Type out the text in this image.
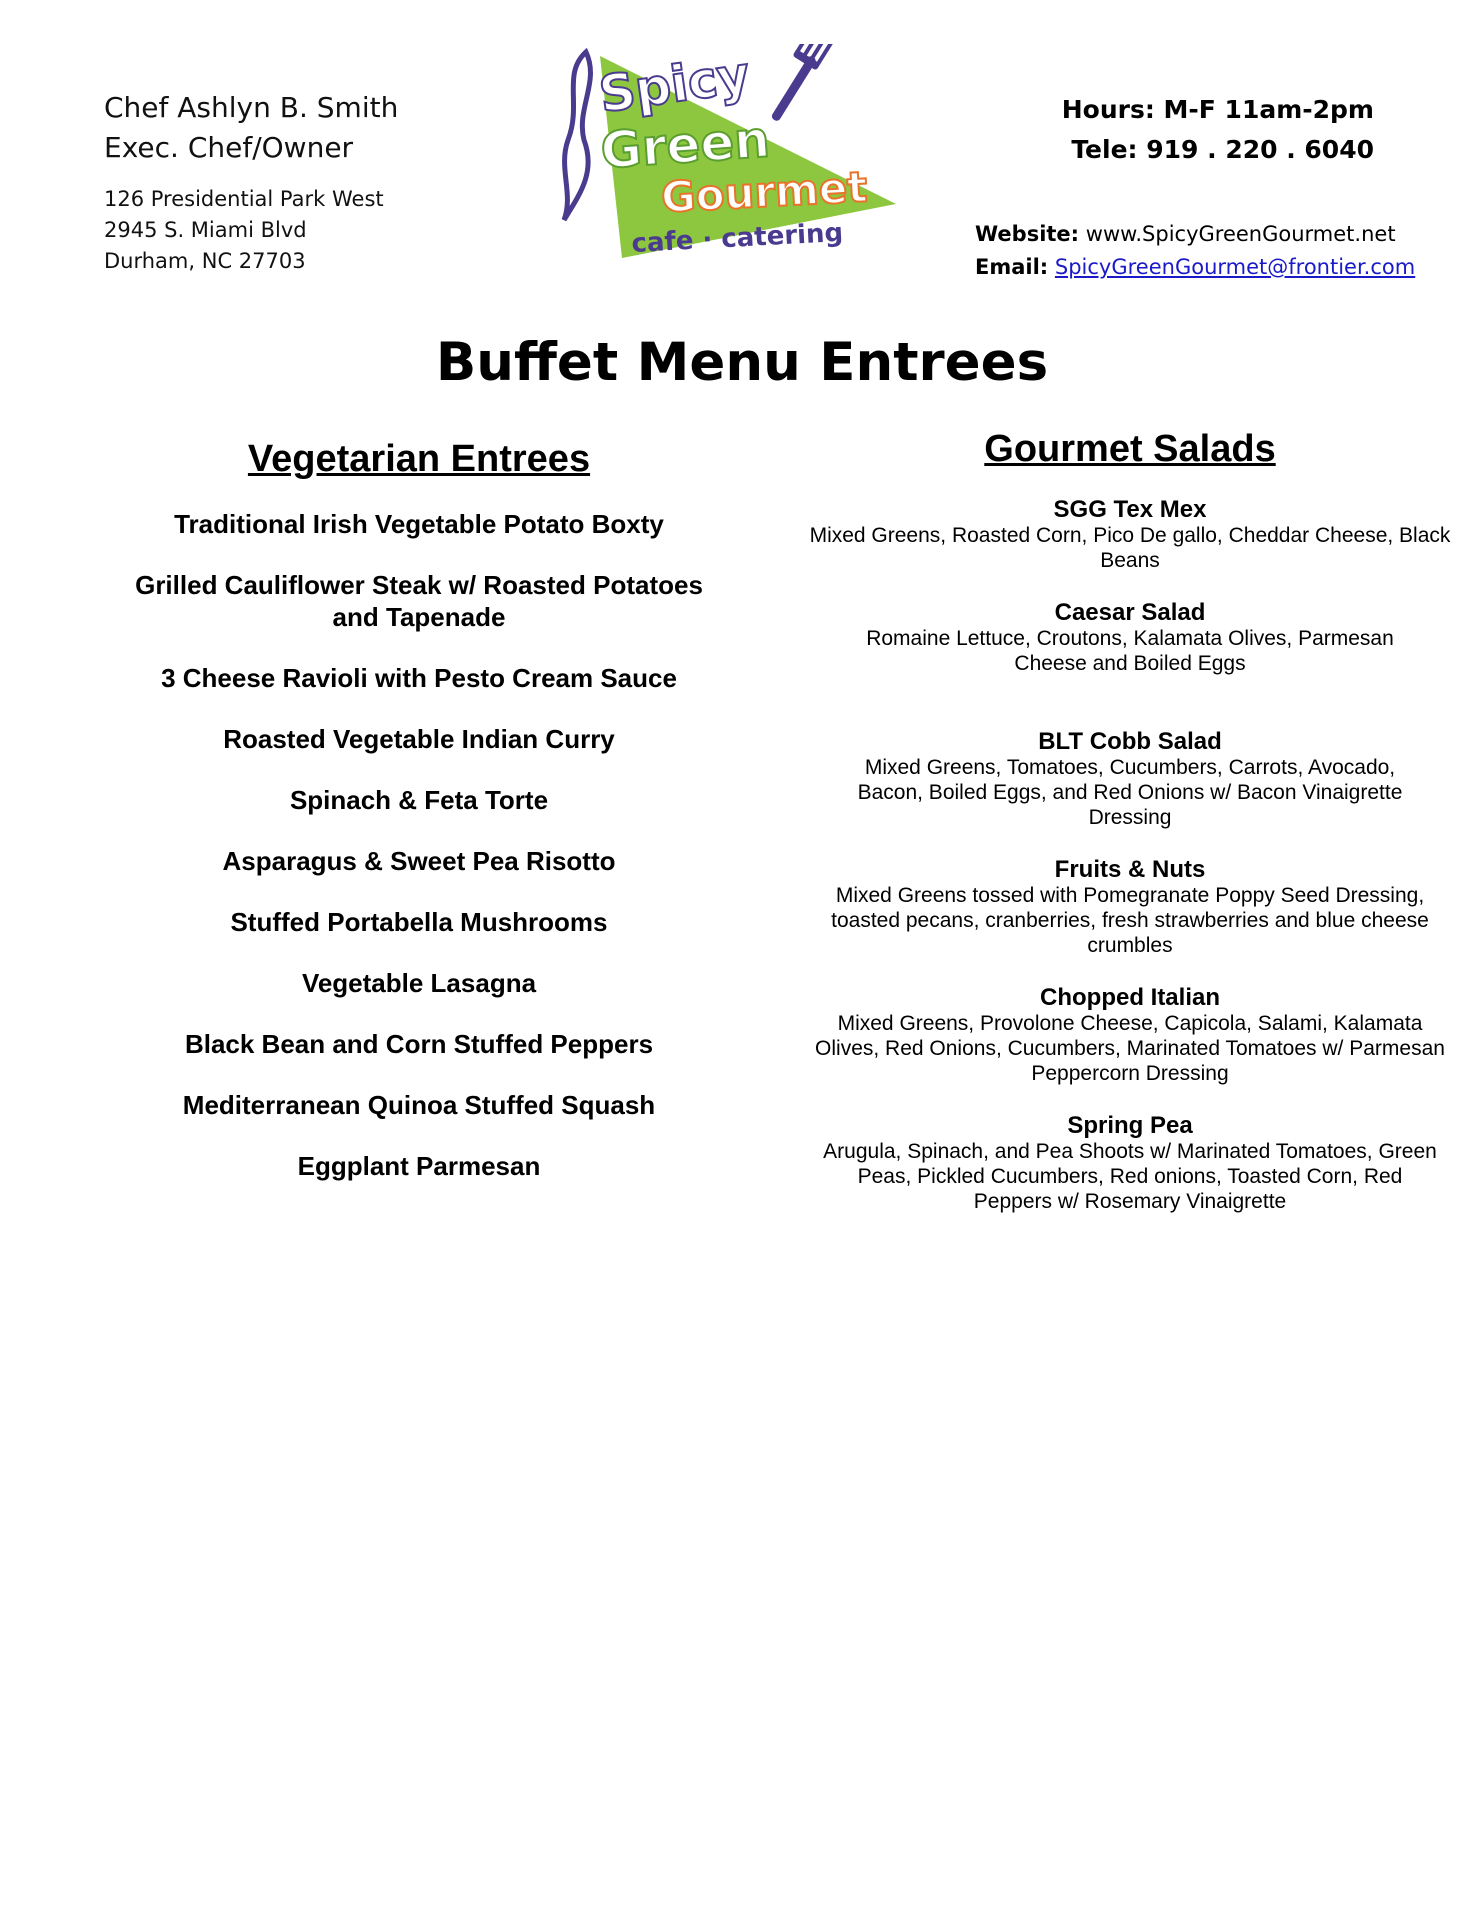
Chef Ashlyn B. Smith
Exec. Chef/Owner
126 Presidential Park West
2945 S. Miami Blvd
Durham, NC 27703
Spicy
Green
Gourmet
cafe · catering
Hours: M-F 11am-2pm
Tele: 919 . 220 . 6040
Website: www.SpicyGreenGourmet.net
Email: SpicyGreenGourmet@frontier.com
Buffet Menu Entrees
Vegetarian Entrees
Traditional Irish Vegetable Potato Boxty
Grilled Cauliflower Steak w/ Roasted Potatoes and Tapenade
3 Cheese Ravioli with Pesto Cream Sauce
Roasted Vegetable Indian Curry
Spinach & Feta Torte
Asparagus & Sweet Pea Risotto
Stuffed Portabella Mushrooms
Vegetable Lasagna
Black Bean and Corn Stuffed Peppers
Mediterranean Quinoa Stuffed Squash
Eggplant Parmesan
Gourmet Salads
SGG Tex Mex
Mixed Greens, Roasted Corn, Pico De gallo, Cheddar Cheese, Black Beans
Caesar Salad
Romaine Lettuce, Croutons, Kalamata Olives, Parmesan Cheese and Boiled Eggs
BLT Cobb Salad
Mixed Greens, Tomatoes, Cucumbers, Carrots, Avocado, Bacon, Boiled Eggs, and Red Onions w/ Bacon Vinaigrette Dressing
Fruits & Nuts
Mixed Greens tossed with Pomegranate Poppy Seed Dressing, toasted pecans, cranberries, fresh strawberries and blue cheese crumbles
Chopped Italian
Mixed Greens, Provolone Cheese, Capicola, Salami, Kalamata Olives, Red Onions, Cucumbers, Marinated Tomatoes w/ Parmesan Peppercorn Dressing
Spring Pea
Arugula, Spinach, and Pea Shoots w/ Marinated Tomatoes, Green Peas, Pickled Cucumbers, Red onions, Toasted Corn, Red Peppers w/ Rosemary Vinaigrette
